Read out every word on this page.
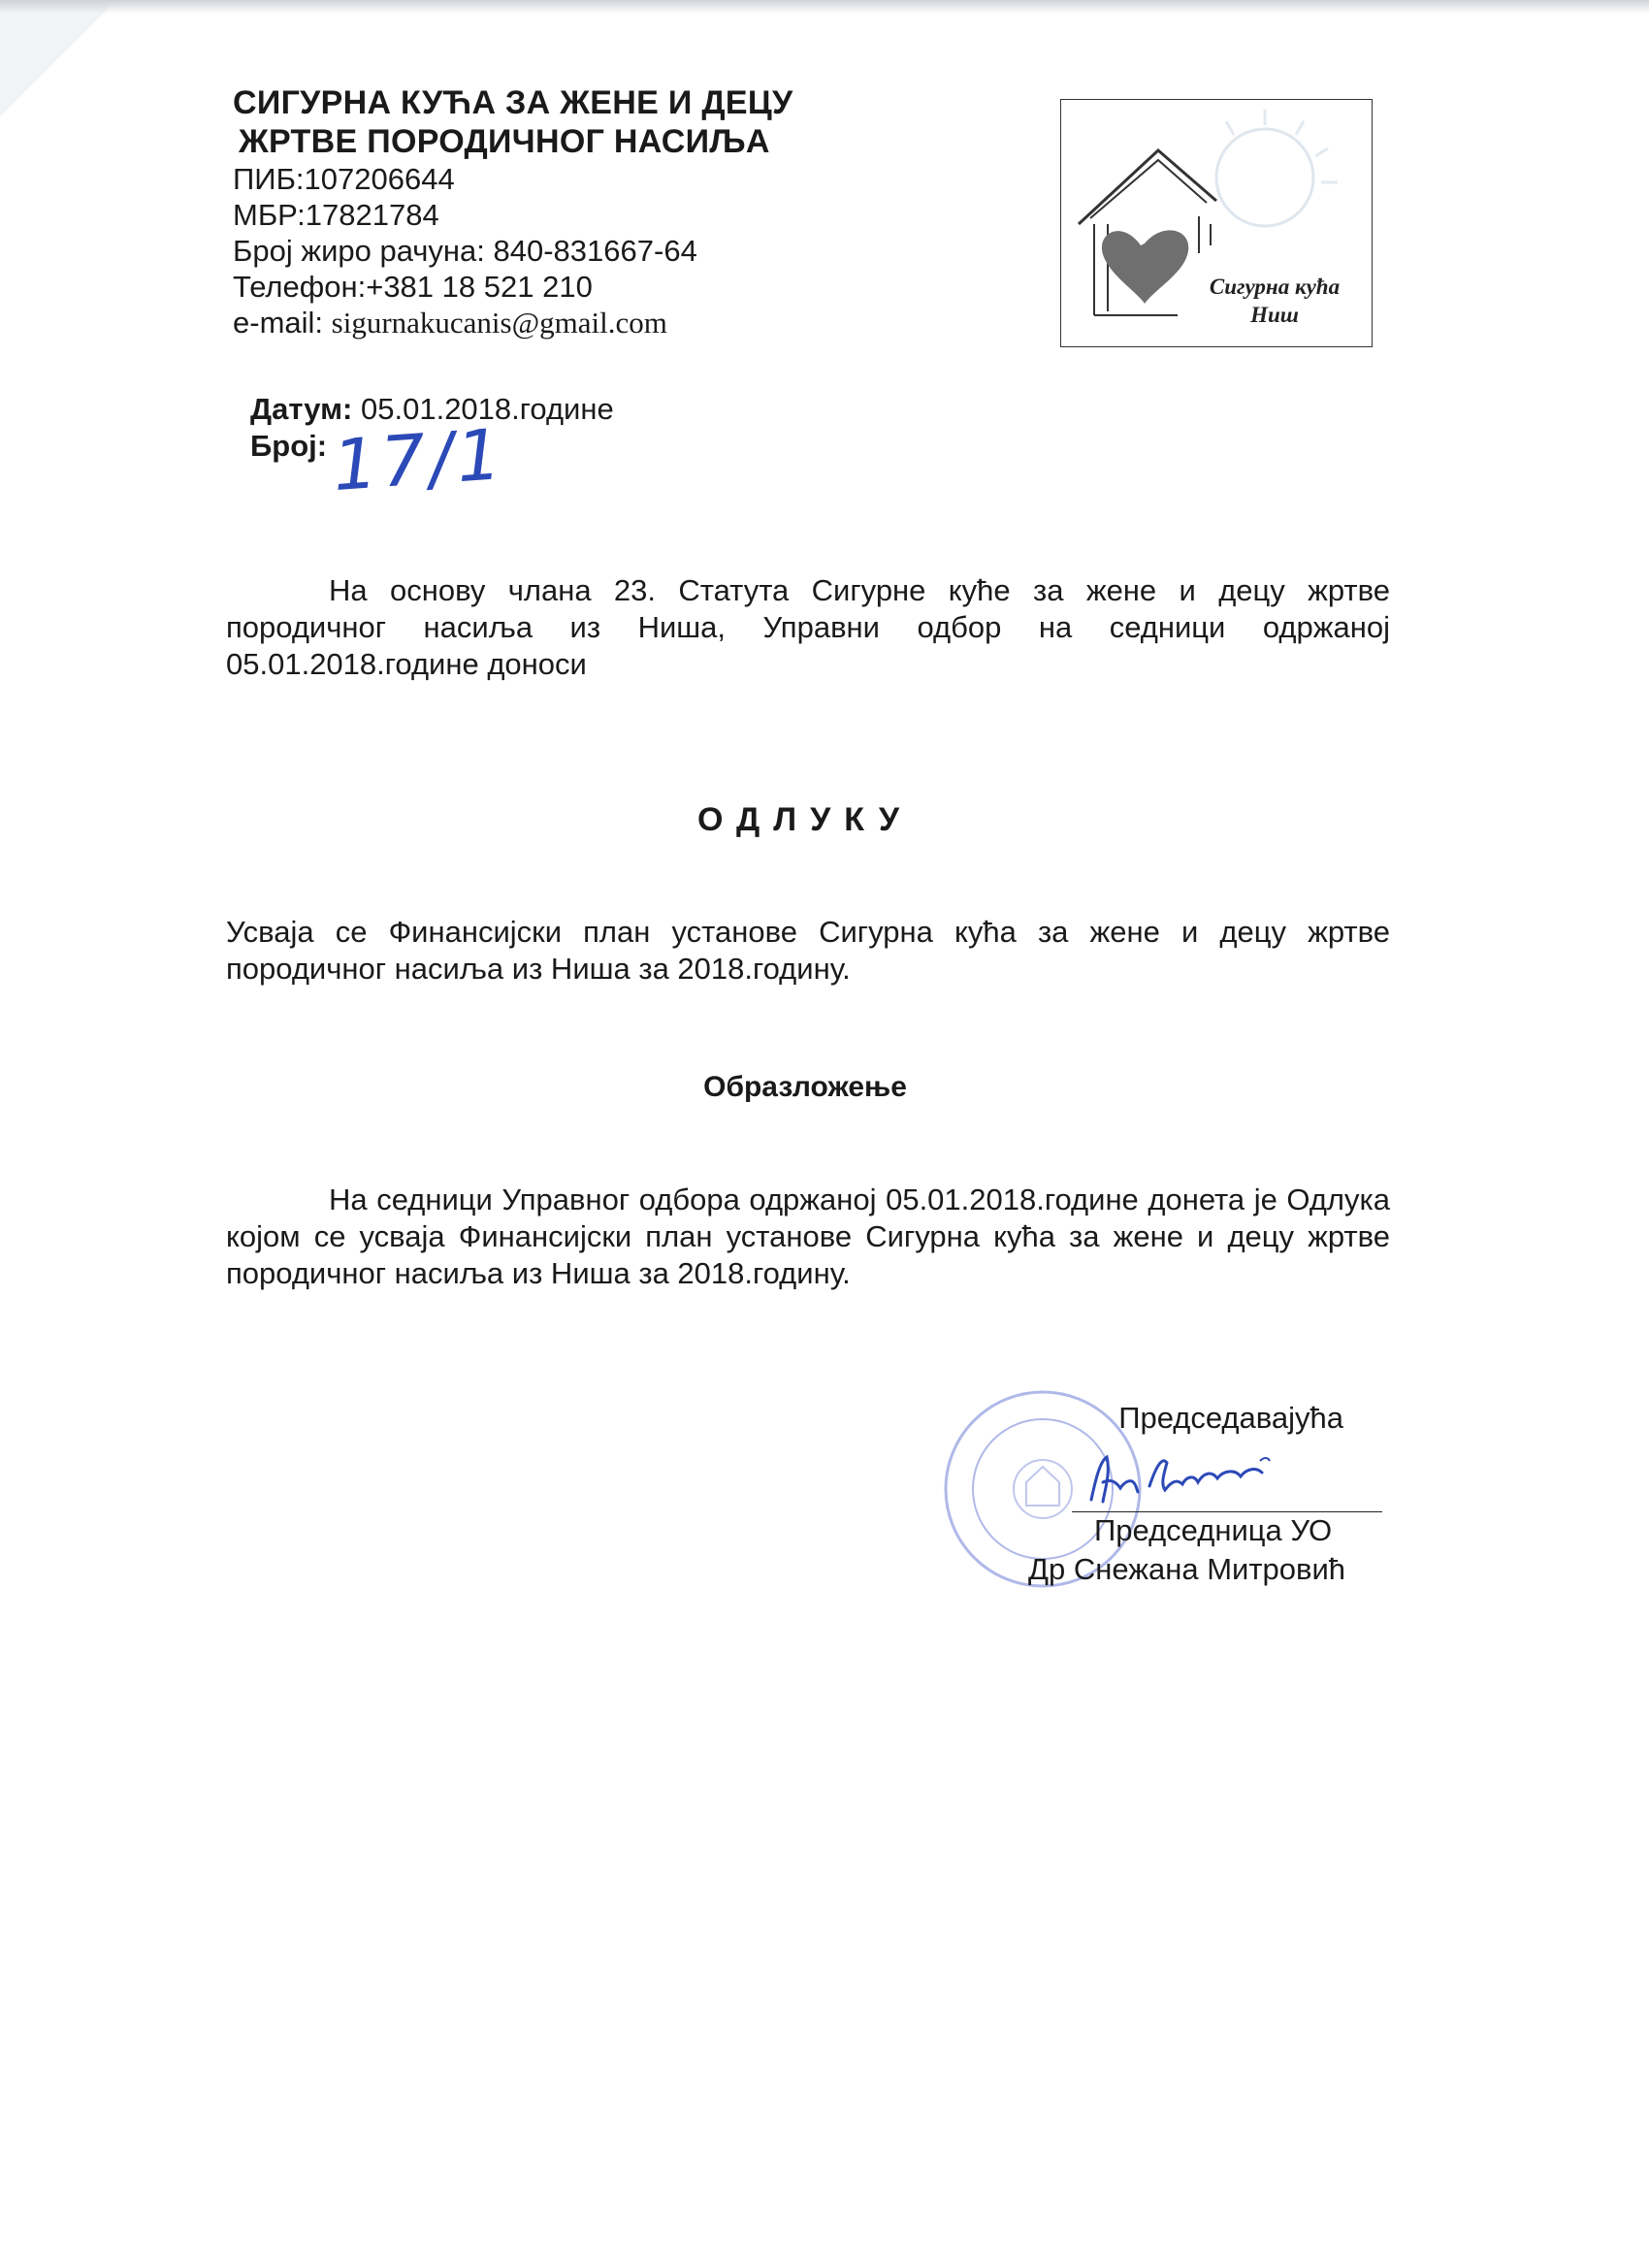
СИГУРНА КУЋА ЗА ЖЕНЕ И ДЕЦУ
ЖРТВЕ ПОРОДИЧНОГ НАСИЉА
ПИБ:107206644
МБР:17821784
Број жиро рачуна: 840-831667-64
Телефон:+381 18 521 210
e-mail: sigurnakucanis@gmail.com
Сигурна кућа
Ниш
Датум: 05.01.2018.године
Број: 17/1
На основу члана 23. Статута Сигурне куће за жене и децу жртве породичног насиља из Ниша, Управни одбор на седници одржаној 05.01.2018.године доноси
ОДЛУКУ
Усваја се Финансијски план установе Сигурна кућа за жене и децу жртве породичног насиља из Ниша за 2018.годину.
Образложење
На седници Управног одбора одржаној 05.01.2018.године донета је Одлука којом се усваја Финансијски план установе Сигурна кућа за жене и децу жртве породичног насиља из Ниша за 2018.годину.
Председавајућа
Председница УО
Др Снежана Митровић
